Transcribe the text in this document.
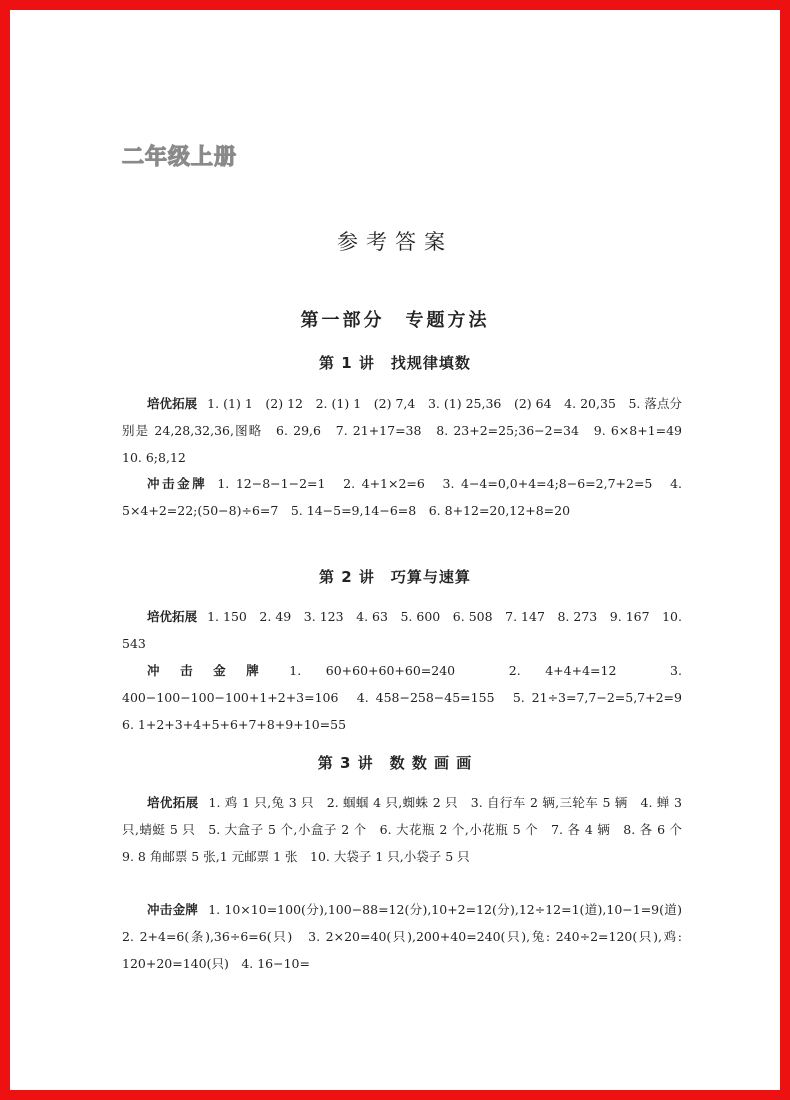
二年级上册
参考答案
第一部分　专题方法
第 1 讲　找规律填数
培优拓展 1. (1) 1　(2) 12　2. (1) 1　(2) 7,4　3. (1) 25,36　(2) 64　4. 20,35　5. 落点分别是 24,28,32,36,图略　6. 29,6　7. 21+17=38　8. 23+2=25;36−2=34　9. 6×8+1=49　10. 6;8,12
冲击金牌 1. 12−8−1−2=1　2. 4+1×2=6　3. 4−4=0,0+4=4;8−6=2,7+2=5　4. 5×4+2=22;(50−8)÷6=7　5. 14−5=9,14−6=8　6. 8+12=20,12+8=20
第 2 讲　巧算与速算
培优拓展 1. 150　2. 49　3. 123　4. 63　5. 600　6. 508　7. 147　8. 273　9. 167　10. 543
冲击金牌 1. 60+60+60+60=240　2. 4+4+4=12　3. 400−100−100−100+1+2+3=106　4. 458−258−45=155　5. 21÷3=7,7−2=5,7+2=9　6. 1+2+3+4+5+6+7+8+9+10=55
第 3 讲　数 数 画 画
培优拓展 1. 鸡 1 只,兔 3 只　2. 蝈蝈 4 只,蜘蛛 2 只　3. 自行车 2 辆,三轮车 5 辆　4. 蝉 3 只,蜻蜓 5 只　5. 大盒子 5 个,小盒子 2 个　6. 大花瓶 2 个,小花瓶 5 个　7. 各 4 辆　8. 各 6 个　9. 8 角邮票 5 张,1 元邮票 1 张　10. 大袋子 1 只,小袋子 5 只
冲击金牌 1. 10×10=100(分),100−88=12(分),10+2=12(分),12÷12=1(道),10−1=9(道)　2. 2+4=6(条),36÷6=6(只)　3. 2×20=40(只),200+40=240(只),兔: 240÷2=120(只),鸡: 120+20=140(只)　4. 16−10=
